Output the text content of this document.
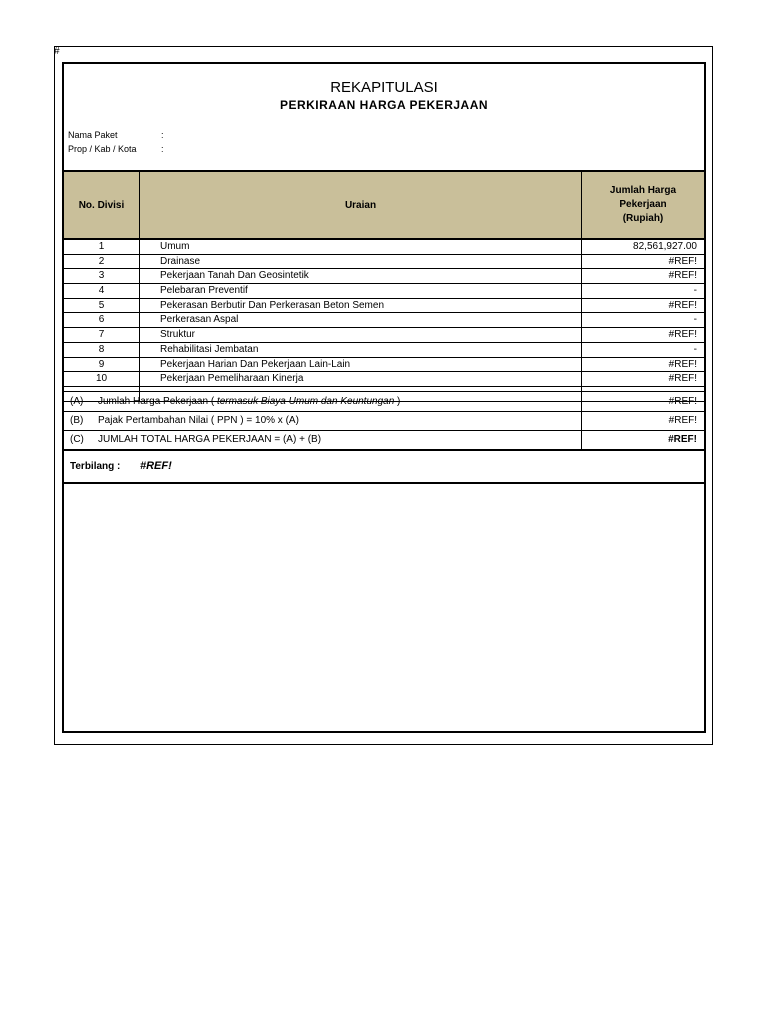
#
REKAPITULASI
PERKIRAAN HARGA PEKERJAAN
Nama Paket	:
Prop / Kab / Kota	:
No. Divisi	Uraian
Jumlah Harga
Pekerjaan
(Rupiah)
1	Umum	82,561,927.00
2	Drainase	#REF!
3	Pekerjaan Tanah Dan Geosintetik	#REF!
4	Pelebaran Preventif	-
5	Pekerasan Berbutir Dan Perkerasan Beton Semen	#REF!
6	Perkerasan Aspal	-
7	Struktur	#REF!
8	Rehabilitasi Jembatan	-
9	Pekerjaan Harian Dan Pekerjaan Lain-Lain	#REF!
10	Pekerjaan Pemeliharaan Kinerja	#REF!
(A) Jumlah Harga Pekerjaan ( termasuk Biaya Umum dan Keuntungan )	#REF!
(B) Pajak Pertambahan Nilai ( PPN ) = 10% x (A)	#REF!
(C) JUMLAH TOTAL HARGA PEKERJAAN = (A) + (B)	#REF!
Terbilang : #REF!
